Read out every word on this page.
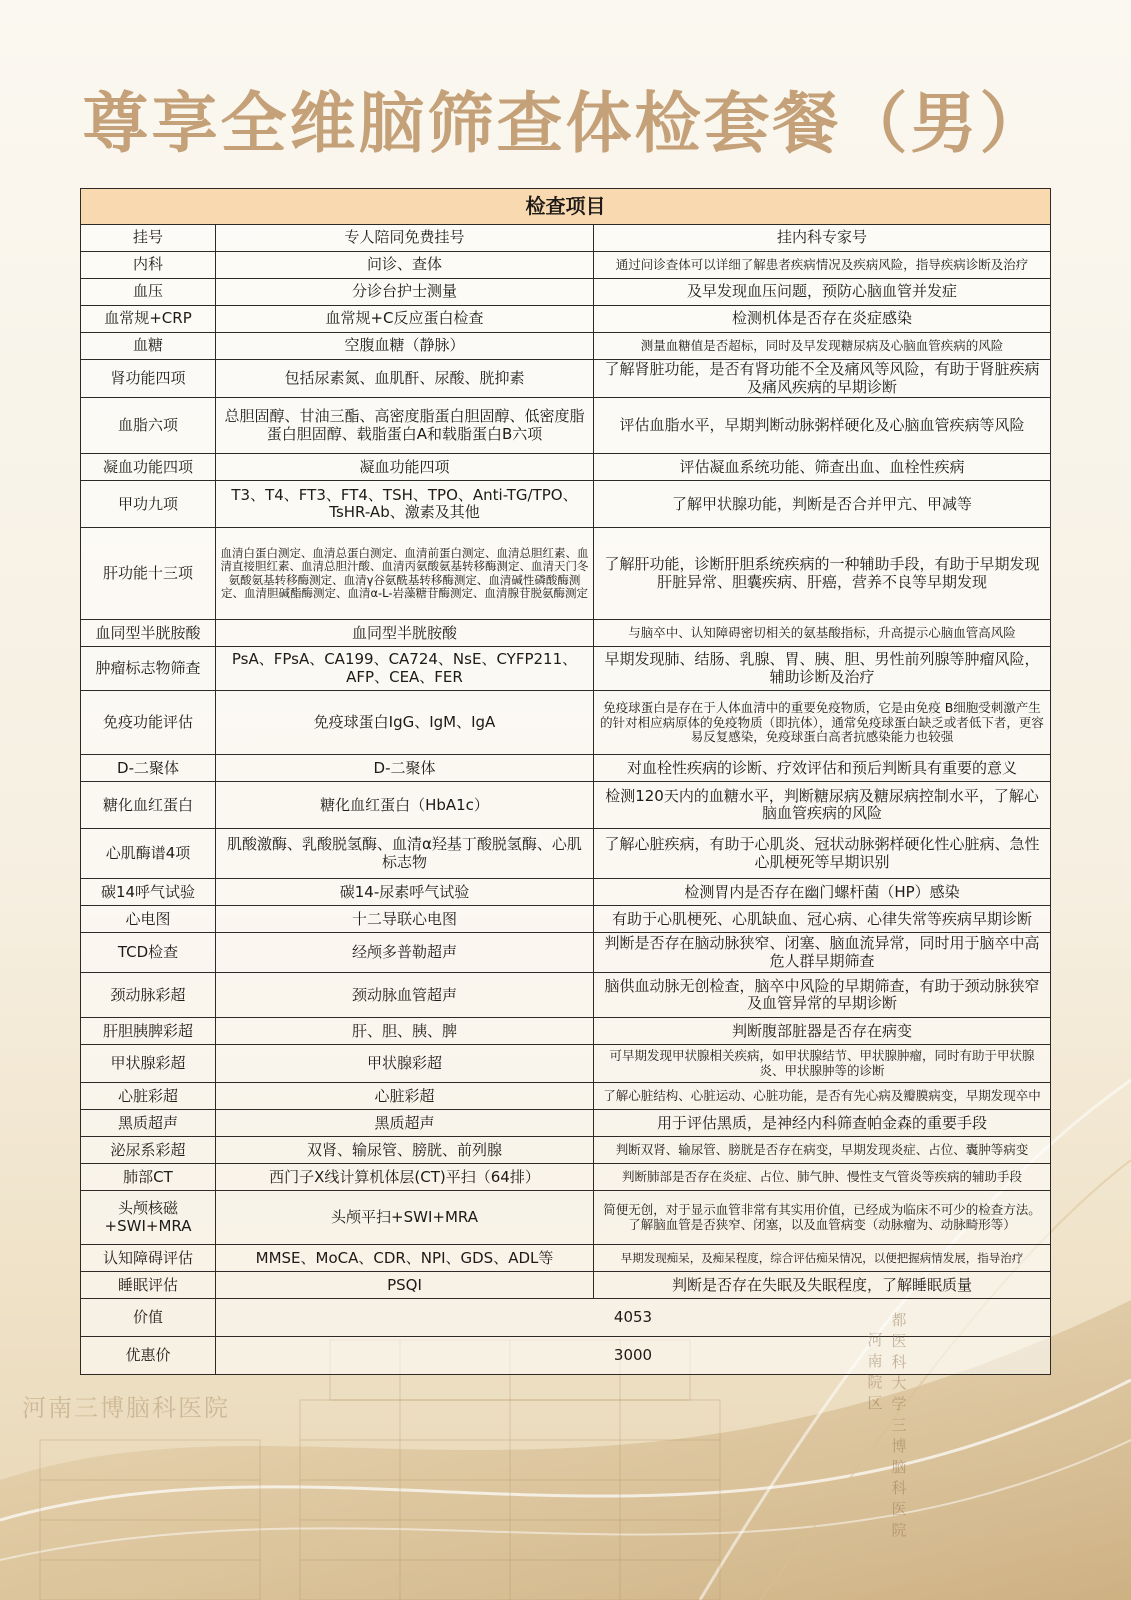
尊享全维脑筛查体检套餐（男）
检查项目		
挂号	专人陪同免费挂号	挂内科专家号
内科	问诊、查体	通过问诊查体可以详细了解患者疾病情况及疾病风险，指导疾病诊断及治疗
血压	分诊台护士测量	及早发现血压问题，预防心脑血管并发症
血常规+CRP	血常规+C反应蛋白检查	检测机体是否存在炎症感染
血糖	空腹血糖（静脉）	测量血糖值是否超标，同时及早发现糖尿病及心脑血管疾病的风险
肾功能四项	包括尿素氮、血肌酐、尿酸、胱抑素	了解肾脏功能，是否有肾功能不全及痛风等风险，有助于肾脏疾病及痛风疾病的早期诊断
血脂六项	总胆固醇、甘油三酯、高密度脂蛋白胆固醇、低密度脂蛋白胆固醇、载脂蛋白A和载脂蛋白B六项	评估血脂水平，早期判断动脉粥样硬化及心脑血管疾病等风险
凝血功能四项	凝血功能四项	评估凝血系统功能、筛查出血、血栓性疾病
甲功九项	T3、T4、FT3、FT4、TSH、TPO、Anti-TG/TPO、TsHR-Ab、激素及其他	了解甲状腺功能，判断是否合并甲亢、甲减等
肝功能十三项	血清白蛋白测定、血清总蛋白测定、血清前蛋白测定、血清总胆红素、血清直接胆红素、血清总胆汁酸、血清丙氨酸氨基转移酶测定、血清天门冬氨酸氨基转移酶测定、血清γ谷氨酰基转移酶测定、血清碱性磷酸酶测定、血清胆碱酯酶测定、血清α-L-岩藻糖苷酶测定、血清腺苷脱氨酶测定	了解肝功能，诊断肝胆系统疾病的一种辅助手段，有助于早期发现肝脏异常、胆囊疾病、肝癌，营养不良等早期发现
血同型半胱胺酸	血同型半胱胺酸	与脑卒中、认知障碍密切相关的氨基酸指标，升高提示心脑血管高风险
肿瘤标志物筛查	PsA、FPsA、CA199、CA724、NsE、CYFP211、AFP、CEA、FER	早期发现肺、结肠、乳腺、胃、胰、胆、男性前列腺等肿瘤风险，辅助诊断及治疗
免疫功能评估	免疫球蛋白IgG、IgM、IgA	免疫球蛋白是存在于人体血清中的重要免疫物质，它是由免疫 B细胞受刺激产生的针对相应病原体的免疫物质（即抗体），通常免疫球蛋白缺乏或者低下者，更容易反复感染，免疫球蛋白高者抗感染能力也较强
D-二聚体	D-二聚体	对血栓性疾病的诊断、疗效评估和预后判断具有重要的意义
糖化血红蛋白	糖化血红蛋白（HbA1c）	检测120天内的血糖水平，判断糖尿病及糖尿病控制水平，了解心脑血管疾病的风险
心肌酶谱4项	肌酸激酶、乳酸脱氢酶、血清α羟基丁酸脱氢酶、心肌标志物	了解心脏疾病，有助于心肌炎、冠状动脉粥样硬化性心脏病、急性心肌梗死等早期识别
碳14呼气试验	碳14-尿素呼气试验	检测胃内是否存在幽门螺杆菌（HP）感染
心电图	十二导联心电图	有助于心肌梗死、心肌缺血、冠心病、心律失常等疾病早期诊断
TCD检查	经颅多普勒超声	判断是否存在脑动脉狭窄、闭塞、脑血流异常，同时用于脑卒中高危人群早期筛查
颈动脉彩超	颈动脉血管超声	脑供血动脉无创检查，脑卒中风险的早期筛查，有助于颈动脉狭窄及血管异常的早期诊断
肝胆胰脾彩超	肝、胆、胰、脾	判断腹部脏器是否存在病变
甲状腺彩超	甲状腺彩超	可早期发现甲状腺相关疾病，如甲状腺结节、甲状腺肿瘤，同时有助于甲状腺炎、甲状腺肿等的诊断
心脏彩超	心脏彩超	了解心脏结构、心脏运动、心脏功能，是否有先心病及瓣膜病变，早期发现卒中
黑质超声	黑质超声	用于评估黑质，是神经内科筛查帕金森的重要手段
泌尿系彩超	双肾、输尿管、膀胱、前列腺	判断双肾、输尿管、膀胱是否存在病变，早期发现炎症、占位、囊肿等病变
肺部CT	西门子X线计算机体层(CT)平扫（64排）	判断肺部是否存在炎症、占位、肺气肿、慢性支气管炎等疾病的辅助手段
头颅核磁+SWI+MRA	头颅平扫+SWI+MRA	简便无创，对于显示血管非常有其实用价值，已经成为临床不可少的检查方法。了解脑血管是否狭窄、闭塞，以及血管病变（动脉瘤为、动脉畸形等）
认知障碍评估	MMSE、MoCA、CDR、NPI、GDS、ADL等	早期发现痴呆，及痴呆程度，综合评估痴呆情况，以便把握病情发展，指导治疗
睡眠评估	PSQI	判断是否存在失眠及失眠程度，了解睡眠质量
价值	4053	
优惠价	3000	
河南三博脑科医院
都医科大学三博脑科医院
河南院区
